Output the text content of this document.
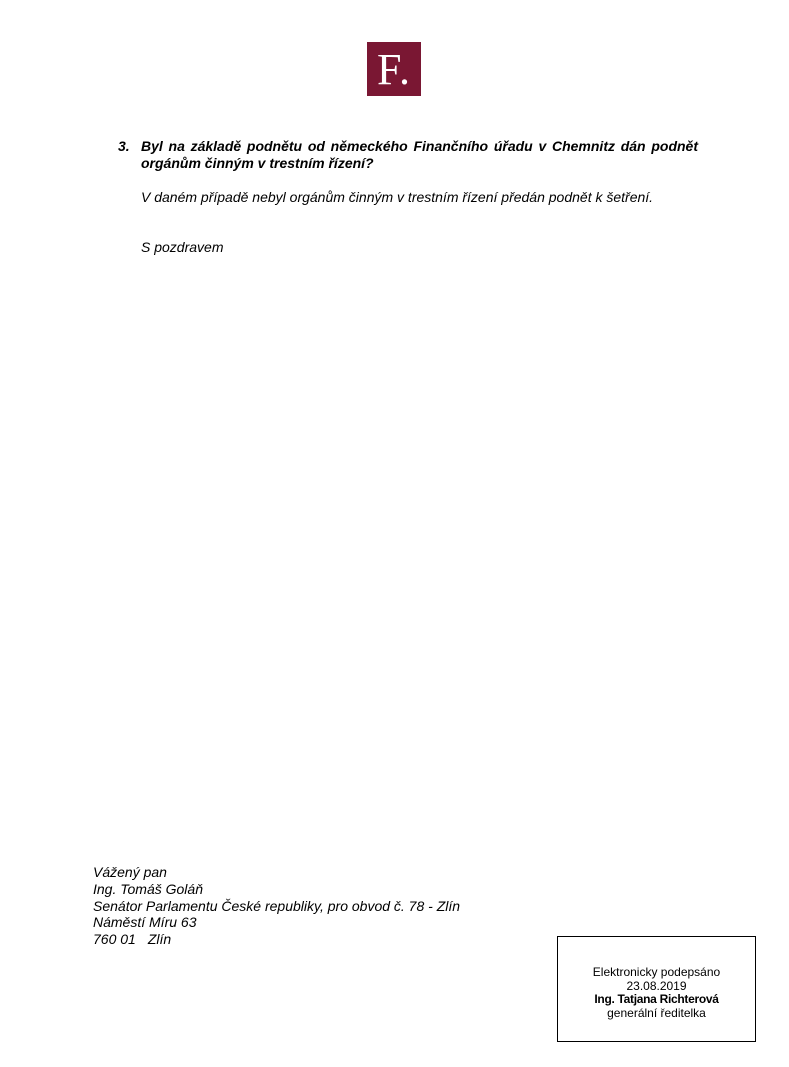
F.
3. Byl na základě podnětu od německého Finančního úřadu v Chemnitz dán podnět orgánům činným v trestním řízení?
V daném případě nebyl orgánům činným v trestním řízení předán podnět k šetření.
S pozdravem
Vážený pan
Ing. Tomáš Goláň
Senátor Parlamentu České republiky, pro obvod č. 78 - Zlín
Náměstí Míru 63
760 01 Zlín
Elektronicky podepsáno
23.08.2019
Ing. Tatjana Richterová
generální ředitelka
